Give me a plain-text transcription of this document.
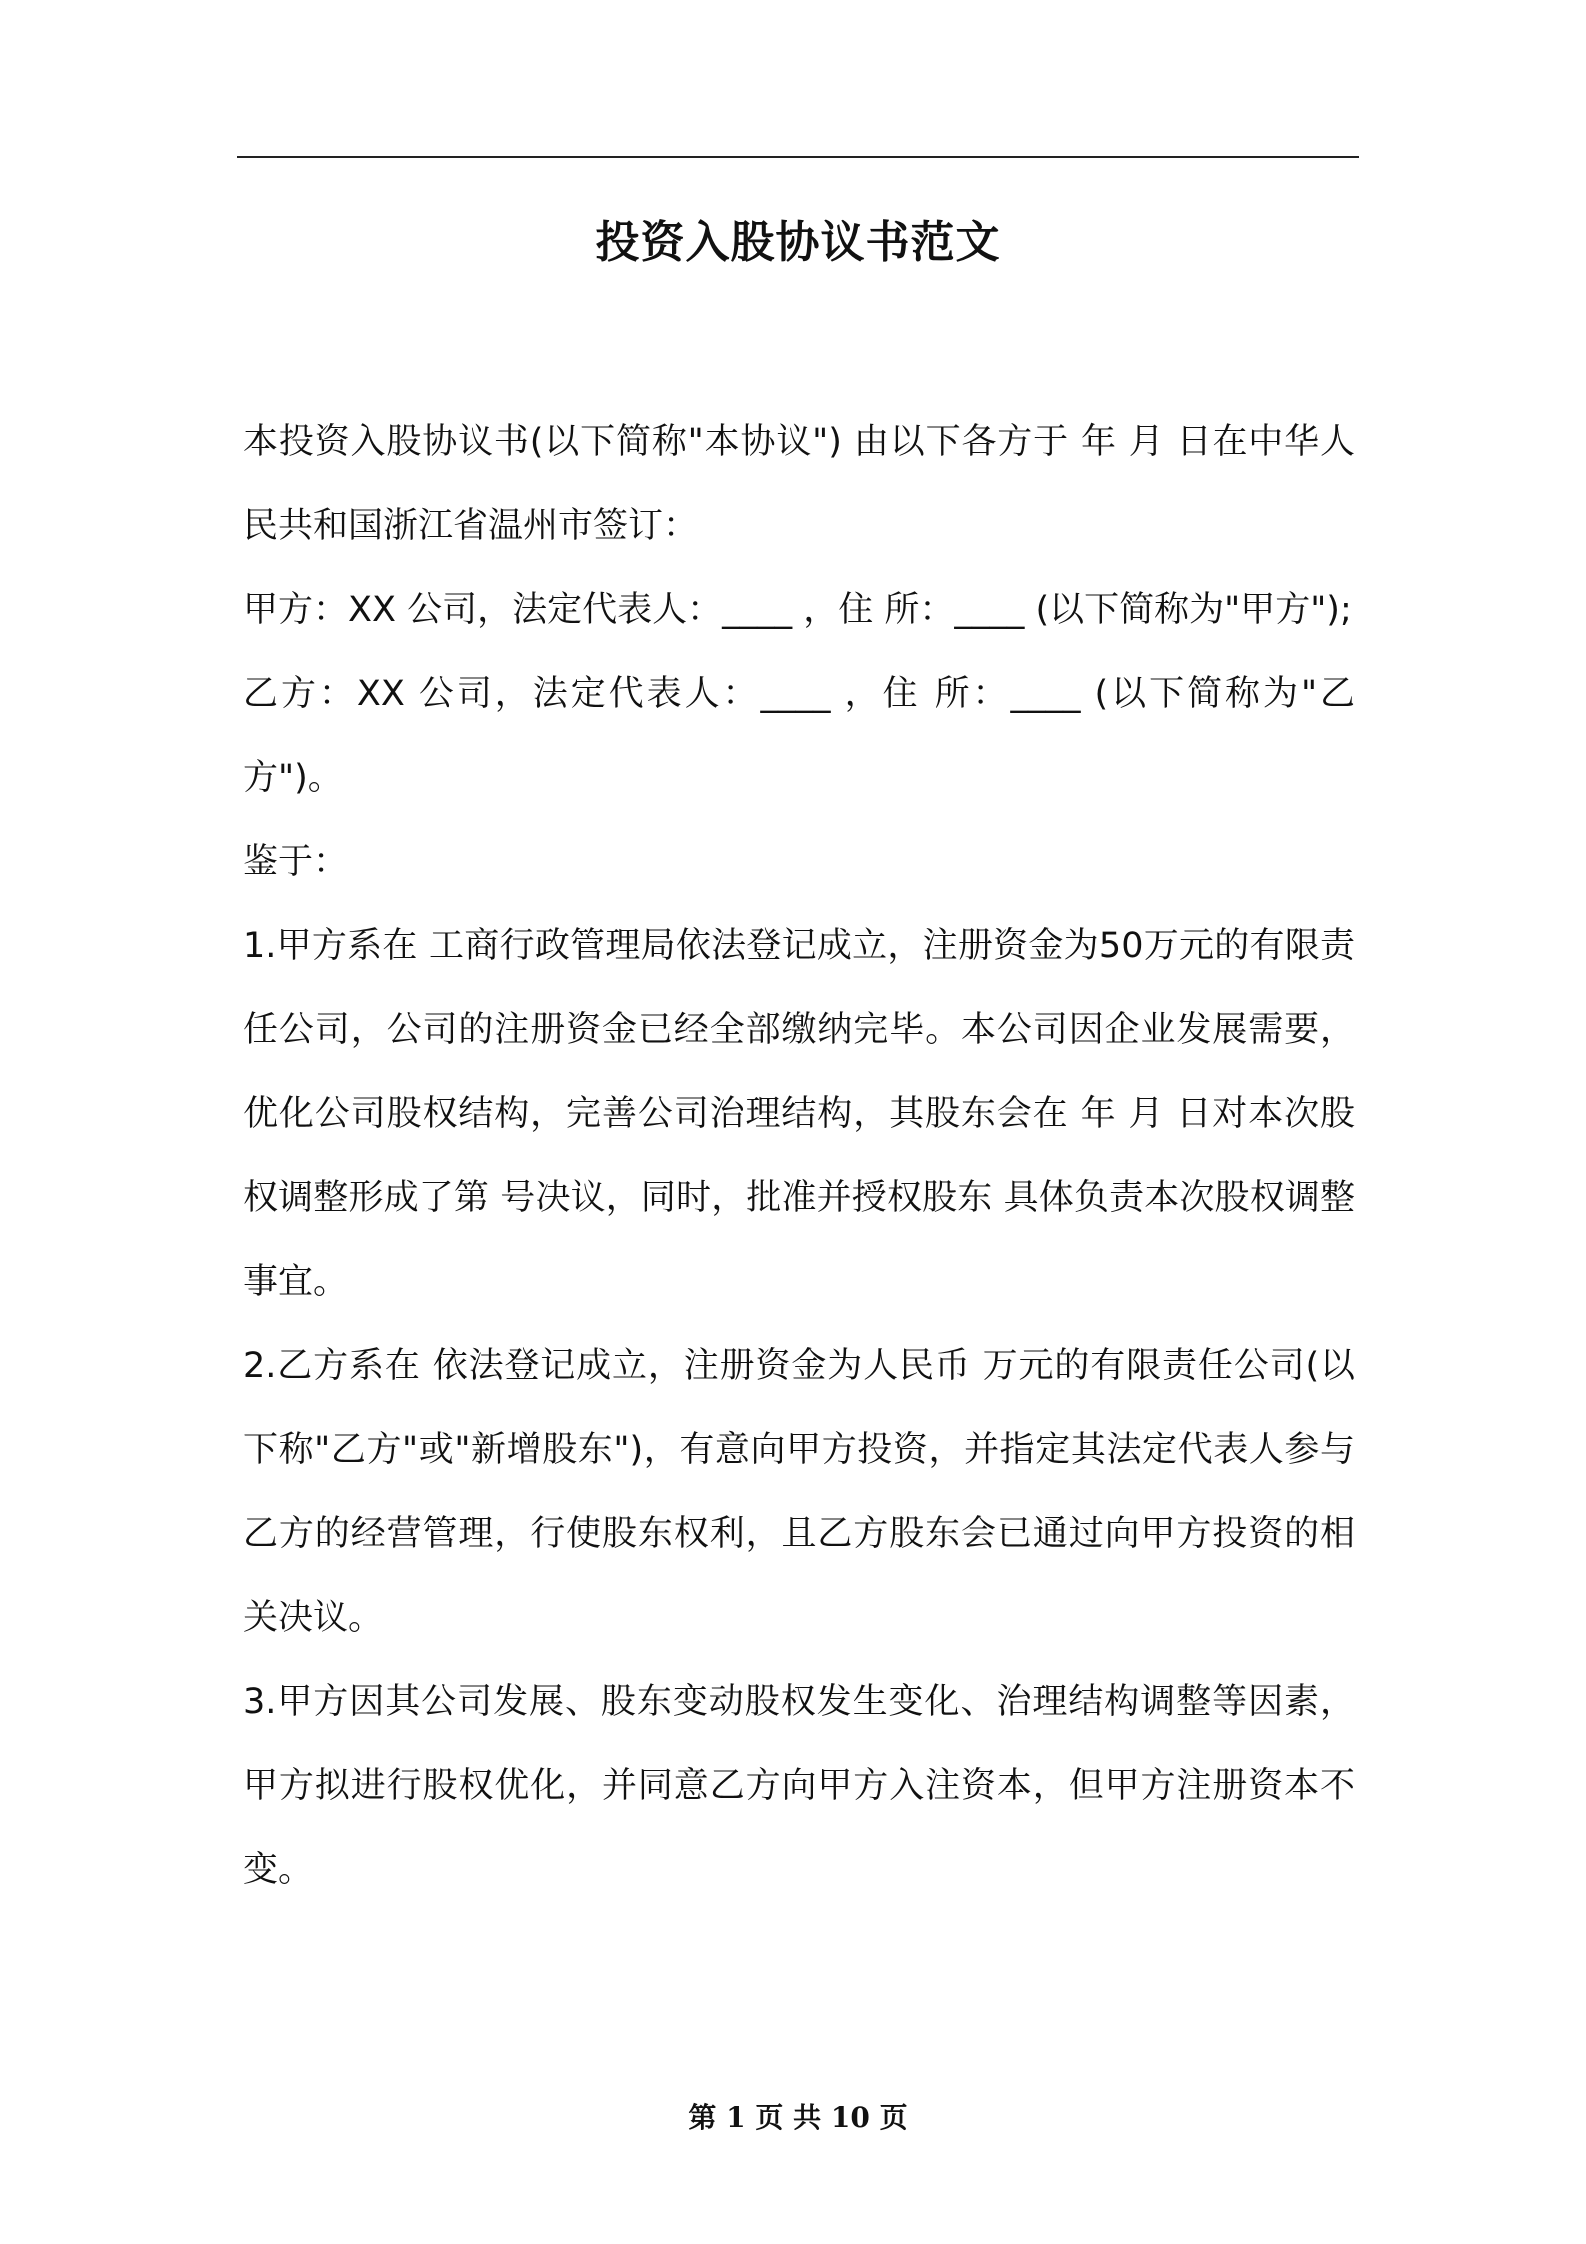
投资入股协议书范文

本投资入股协议书(以下简称"本协议") 由以下各方于 年 月 日在中华人民共和国浙江省温州市签订：

甲方：XX 公司，法定代表人：____ ，住 所：____ (以下简称为"甲方");

乙方：XX 公司，法定代表人：____ ，住 所：____ (以下简称为"乙方")。

鉴于：

1.甲方系在 工商行政管理局依法登记成立，注册资金为50万元的有限责任公司，公司的注册资金已经全部缴纳完毕。本公司因企业发展需要，优化公司股权结构，完善公司治理结构，其股东会在 年 月 日对本次股权调整形成了第 号决议，同时，批准并授权股东 具体负责本次股权调整事宜。

2.乙方系在 依法登记成立，注册资金为人民币 万元的有限责任公司(以下称"乙方"或"新增股东")，有意向甲方投资，并指定其法定代表人参与乙方的经营管理，行使股东权利，且乙方股东会已通过向甲方投资的相关决议。

3.甲方因其公司发展、股东变动股权发生变化、治理结构调整等因素，甲方拟进行股权优化，并同意乙方向甲方入注资本，但甲方注册资本不变。

第 1 页 共 10 页
